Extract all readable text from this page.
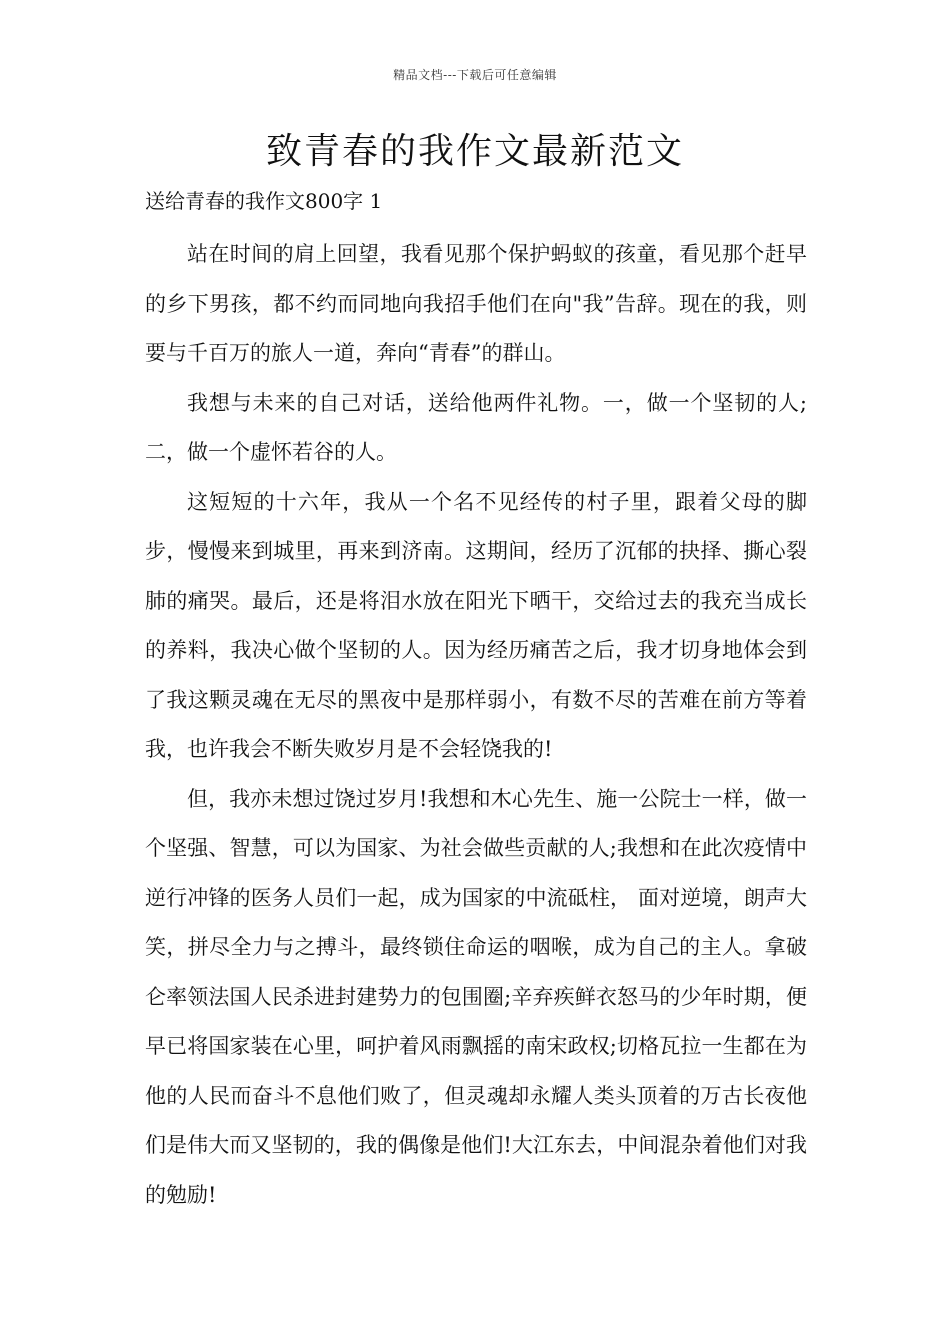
精品文档---下载后可任意编辑
致青春的我作文最新范文

送给青春的我作文800字 1

站在时间的肩上回望，我看见那个保护蚂蚁的孩童，看见那个赶早的乡下男孩，都不约而同地向我招手他们在向"我”告辞。现在的我，则要与千百万的旅人一道，奔向“青春”的群山。

我想与未来的自己对话，送给他两件礼物。一，做一个坚韧的人;二，做一个虚怀若谷的人。

这短短的十六年，我从一个名不见经传的村子里，跟着父母的脚步，慢慢来到城里，再来到济南。这期间，经历了沉郁的抉择、撕心裂肺的痛哭。最后，还是将泪水放在阳光下晒干，交给过去的我充当成长的养料，我决心做个坚韧的人。因为经历痛苦之后，我才切身地体会到了我这颗灵魂在无尽的黑夜中是那样弱小，有数不尽的苦难在前方等着我，也许我会不断失败岁月是不会轻饶我的!

但，我亦未想过饶过岁月!我想和木心先生、施一公院士一样，做一个坚强、智慧，可以为国家、为社会做些贡献的人;我想和在此次疫情中逆行冲锋的医务人员们一起，成为国家的中流砥柱， 面对逆境，朗声大笑，拼尽全力与之搏斗，最终锁住命运的咽喉，成为自己的主人。拿破仑率领法国人民杀进封建势力的包围圈;辛弃疾鲜衣怒马的少年时期，便早已将国家装在心里，呵护着风雨飘摇的南宋政权;切格瓦拉一生都在为他的人民而奋斗不息他们败了，但灵魂却永耀人类头顶着的万古长夜他们是伟大而又坚韧的，我的偶像是他们!大江东去，中间混杂着他们对我的勉励!
